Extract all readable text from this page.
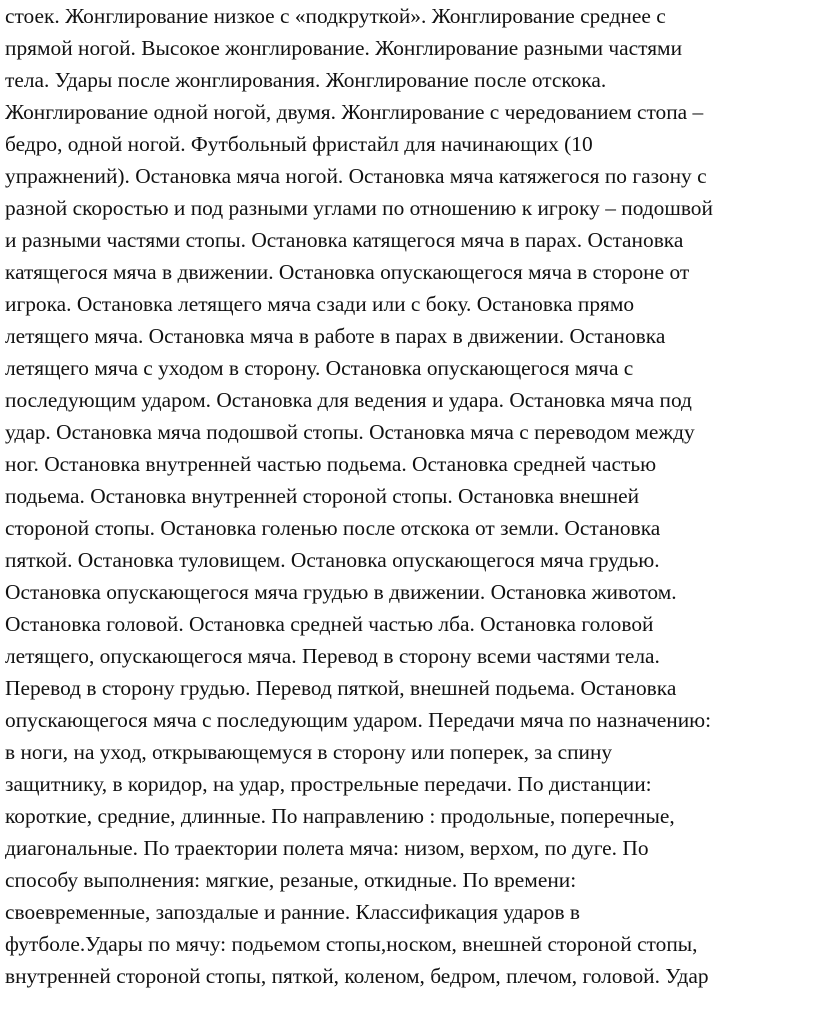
стоек. Жонглирование низкое с «подкруткой». Жонглирование среднее с

прямой ногой. Высокое жонглирование. Жонглирование разными частями

тела. Удары после жонглирования. Жонглирование после отскока.

Жонглирование одной ногой, двумя. Жонглирование с чередованием стопа –

бедро, одной ногой. Футбольный фристайл для начинающих (10

упражнений). Остановка мяча ногой. Остановка мяча катяжегося по газону с

разной скоростью и под разными углами по отношению к игроку – подошвой

и разными частями стопы. Остановка катящегося мяча в парах. Остановка

катящегося мяча в движении. Остановка опускающегося мяча в стороне от

игрока. Остановка летящего мяча сзади или с боку. Остановка прямо

летящего мяча. Остановка мяча в работе в парах в движении. Остановка

летящего мяча с уходом в сторону. Остановка опускающегося мяча с

последующим ударом. Остановка для ведения и удара. Остановка мяча под

удар. Остановка мяча подошвой стопы. Остановка мяча с переводом между

ног. Остановка внутренней частью подьема. Остановка средней частью

подьема. Остановка внутренней стороной стопы. Остановка внешней

стороной стопы. Остановка голенью после отскока от земли. Остановка

пяткой. Остановка туловищем. Остановка опускающегося мяча грудью.

Остановка опускающегося мяча грудью в движении. Остановка животом.

Остановка головой. Остановка средней частью лба. Остановка головой

летящего, опускающегося мяча. Перевод в сторону всеми частями тела.

Перевод в сторону грудью. Перевод пяткой, внешней подьема. Остановка

опускающегося мяча с последующим ударом. Передачи мяча по назначению:

в ноги, на уход, открывающемуся в сторону или поперек, за спину

защитнику, в коридор, на удар, прострельные передачи. По дистанции:

короткие, средние, длинные. По направлению : продольные, поперечные,

диагональные. По траектории полета мяча: низом, верхом, по дуге. По

способу выполнения: мягкие, резаные, откидные. По времени:

своевременные, запоздалые и ранние. Классификация ударов в

футболе.Удары по мячу: подьемом стопы,носком, внешней стороной стопы,

внутренней стороной стопы, пяткой, коленом, бедром, плечом, головой. Удар
